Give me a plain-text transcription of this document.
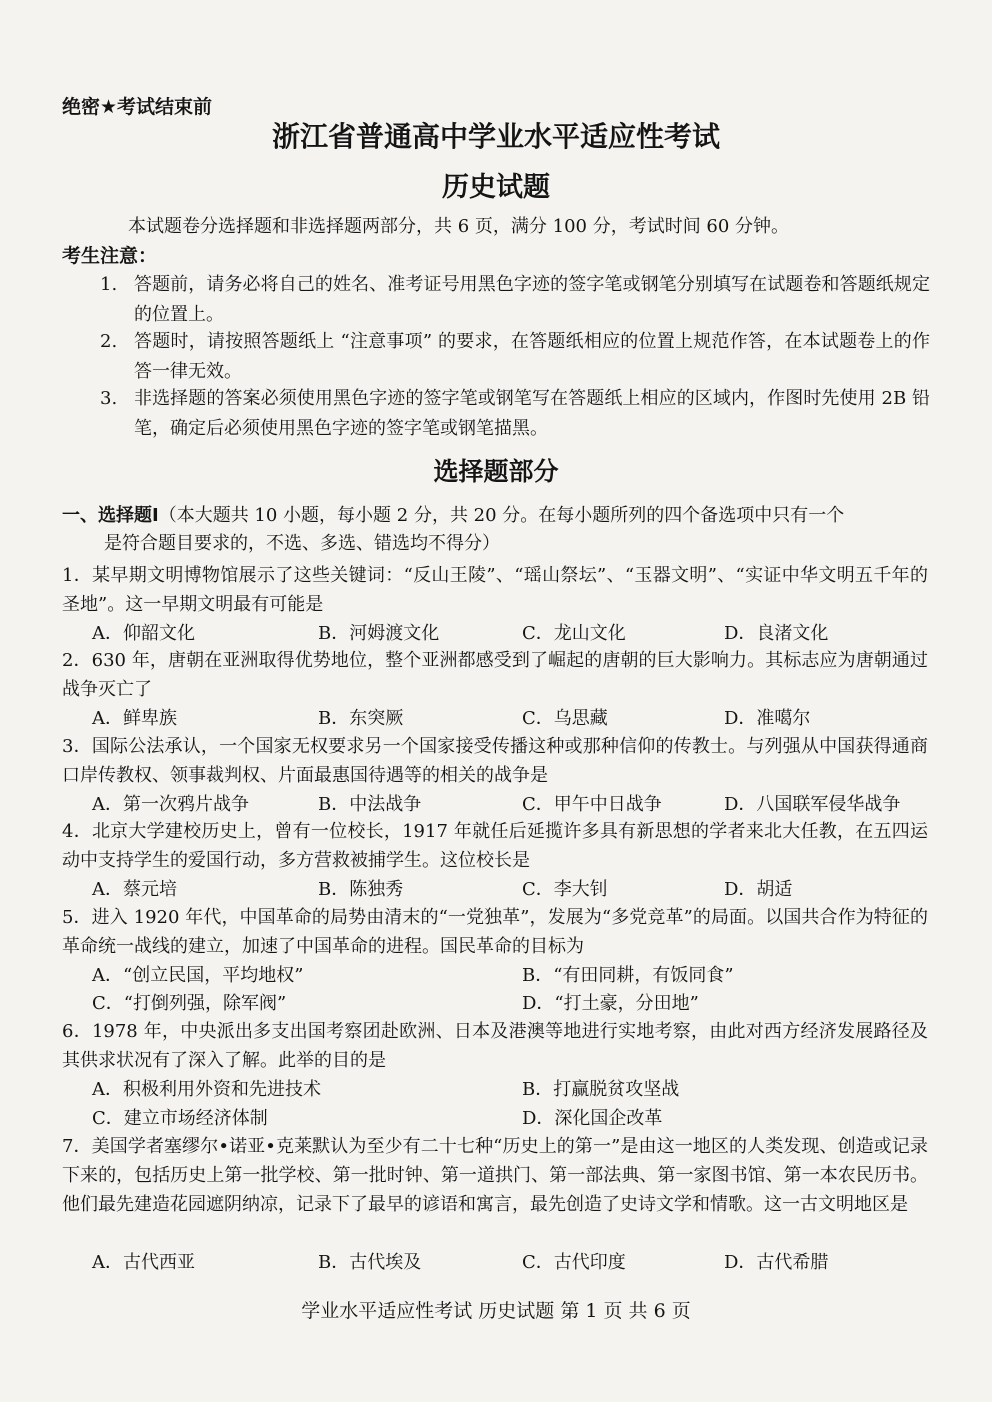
绝密★考试结束前
浙江省普通高中学业水平适应性考试
历史试题
本试题卷分选择题和非选择题两部分，共 6 页，满分 100 分，考试时间 60 分钟。
考生注意：
1. 答题前，请务必将自己的姓名、准考证号用黑色字迹的签字笔或钢笔分别填写在试题卷和答题纸规定的位置上。
2. 答题时，请按照答题纸上 “注意事项” 的要求，在答题纸相应的位置上规范作答，在本试题卷上的作答一律无效。
3. 非选择题的答案必须使用黑色字迹的签字笔或钢笔写在答题纸上相应的区域内，作图时先使用 2B 铅笔，确定后必须使用黑色字迹的签字笔或钢笔描黑。
选择题部分
一、选择题Ⅰ（本大题共 10 小题，每小题 2 分，共 20 分。在每小题所列的四个备选项中只有一个
是符合题目要求的，不选、多选、错选均不得分）
1．某早期文明博物馆展示了这些关键词：“反山王陵”、“瑶山祭坛”、“玉器文明”、“实证中华文明五千年的圣地”。这一早期文明最有可能是
A．仰韶文化	B．河姆渡文化	C．龙山文化	D．良渚文化
2．630 年，唐朝在亚洲取得优势地位，整个亚洲都感受到了崛起的唐朝的巨大影响力。其标志应为唐朝通过战争灭亡了
A．鲜卑族	B．东突厥	C．乌思藏	D．准噶尔
3．国际公法承认，一个国家无权要求另一个国家接受传播这种或那种信仰的传教士。与列强从中国获得通商口岸传教权、领事裁判权、片面最惠国待遇等的相关的战争是
A．第一次鸦片战争	B．中法战争	C．甲午中日战争	D．八国联军侵华战争
4．北京大学建校历史上，曾有一位校长，1917 年就任后延揽许多具有新思想的学者来北大任教，在五四运动中支持学生的爱国行动，多方营救被捕学生。这位校长是
A．蔡元培	B．陈独秀	C．李大钊	D．胡适
5．进入 1920 年代，中国革命的局势由清末的“一党独革”，发展为“多党竞革”的局面。以国共合作为特征的革命统一战线的建立，加速了中国革命的进程。国民革命的目标为
A．“创立民国，平均地权”	B．“有田同耕，有饭同食”
C．“打倒列强，除军阀”	D．“打土豪，分田地”
6．1978 年，中央派出多支出国考察团赴欧洲、日本及港澳等地进行实地考察，由此对西方经济发展路径及其供求状况有了深入了解。此举的目的是
A．积极利用外资和先进技术	B．打赢脱贫攻坚战
C．建立市场经济体制	D．深化国企改革
7．美国学者塞缪尔•诺亚•克莱默认为至少有二十七种“历史上的第一”是由这一地区的人类发现、创造或记录下来的，包括历史上第一批学校、第一批时钟、第一道拱门、第一部法典、第一家图书馆、第一本农民历书。他们最先建造花园遮阴纳凉，记录下了最早的谚语和寓言，最先创造了史诗文学和情歌。这一古文明地区是
A．古代西亚	B．古代埃及	C．古代印度	D．古代希腊
学业水平适应性考试 历史试题 第 1 页 共 6 页
